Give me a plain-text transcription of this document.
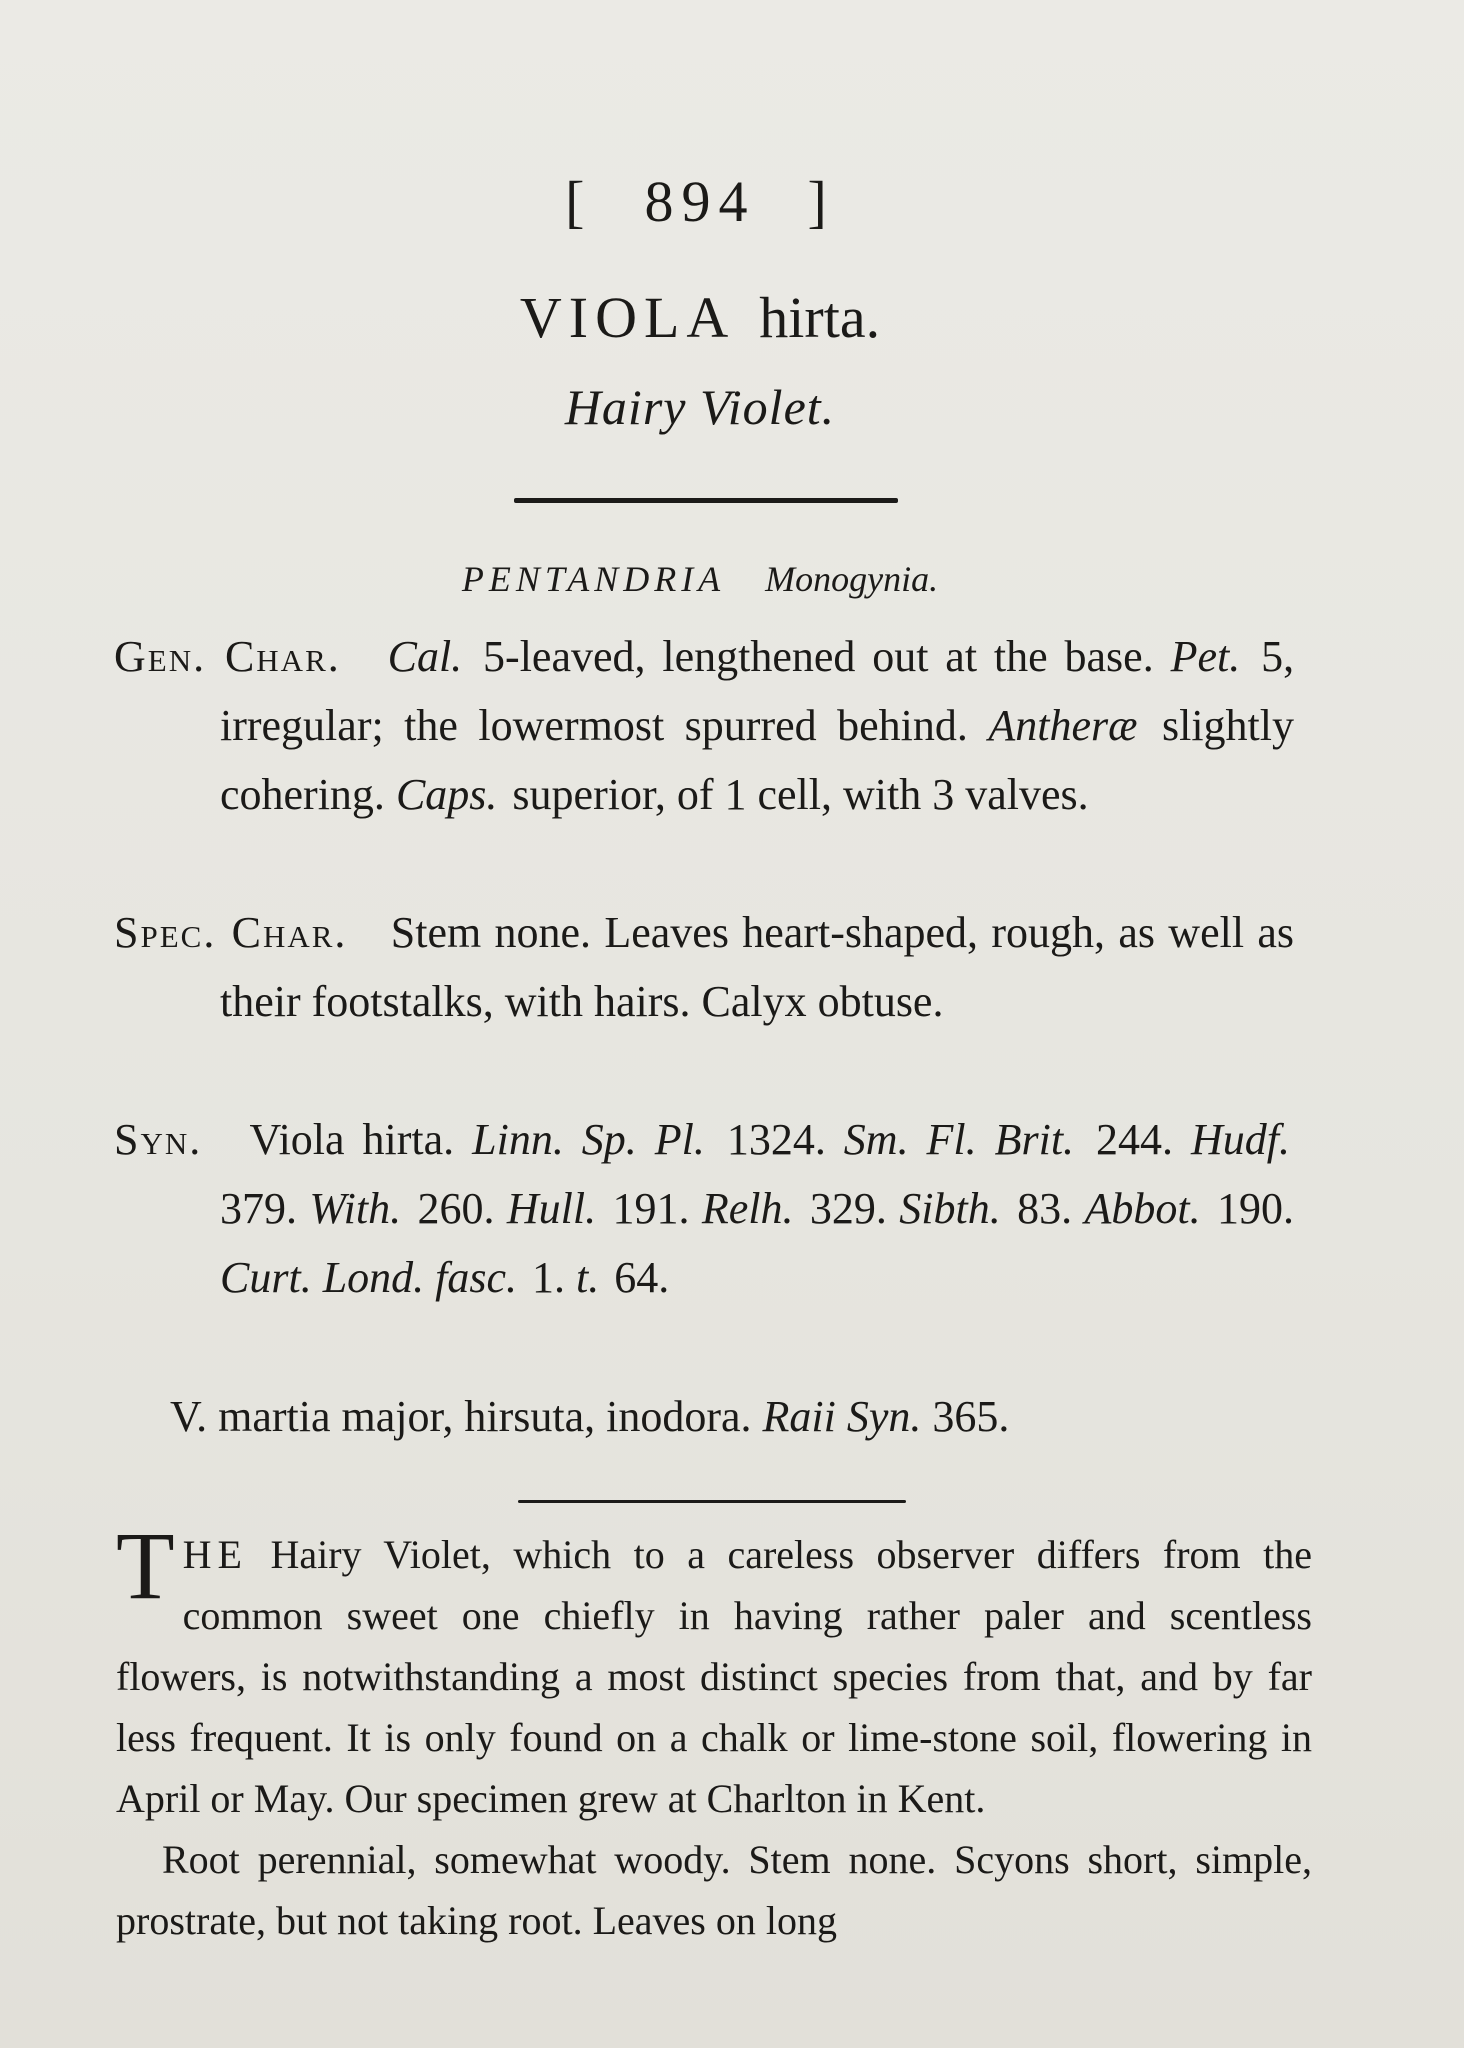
[ 894 ]
VIOLA hirta.
Hairy Violet.
PENTANDRIA Monogynia.
Gen. Char. Cal. 5-leaved, lengthened out at the base. Pet. 5, irregular; the lowermost spurred behind. Antheræ slightly cohering. Caps. superior, of 1 cell, with 3 valves.
Spec. Char. Stem none. Leaves heart-shaped, rough, as well as their footstalks, with hairs. Calyx obtuse.
Syn. Viola hirta. Linn. Sp. Pl. 1324. Sm. Fl. Brit. 244. Hudf. 379. With. 260. Hull. 191. Relh. 329. Sibth. 83. Abbot. 190. Curt. Lond. fasc. 1. t. 64.
V. martia major, hirsuta, inodora. Raii Syn. 365.

THE Hairy Violet, which to a careless observer differs from the common sweet one chiefly in having rather paler and scentless flowers, is notwithstanding a most distinct species from that, and by far less frequent. It is only found on a chalk or lime-stone soil, flowering in April or May. Our specimen grew at Charlton in Kent.

Root perennial, somewhat woody. Stem none. Scyons short, simple, prostrate, but not taking root. Leaves on long
